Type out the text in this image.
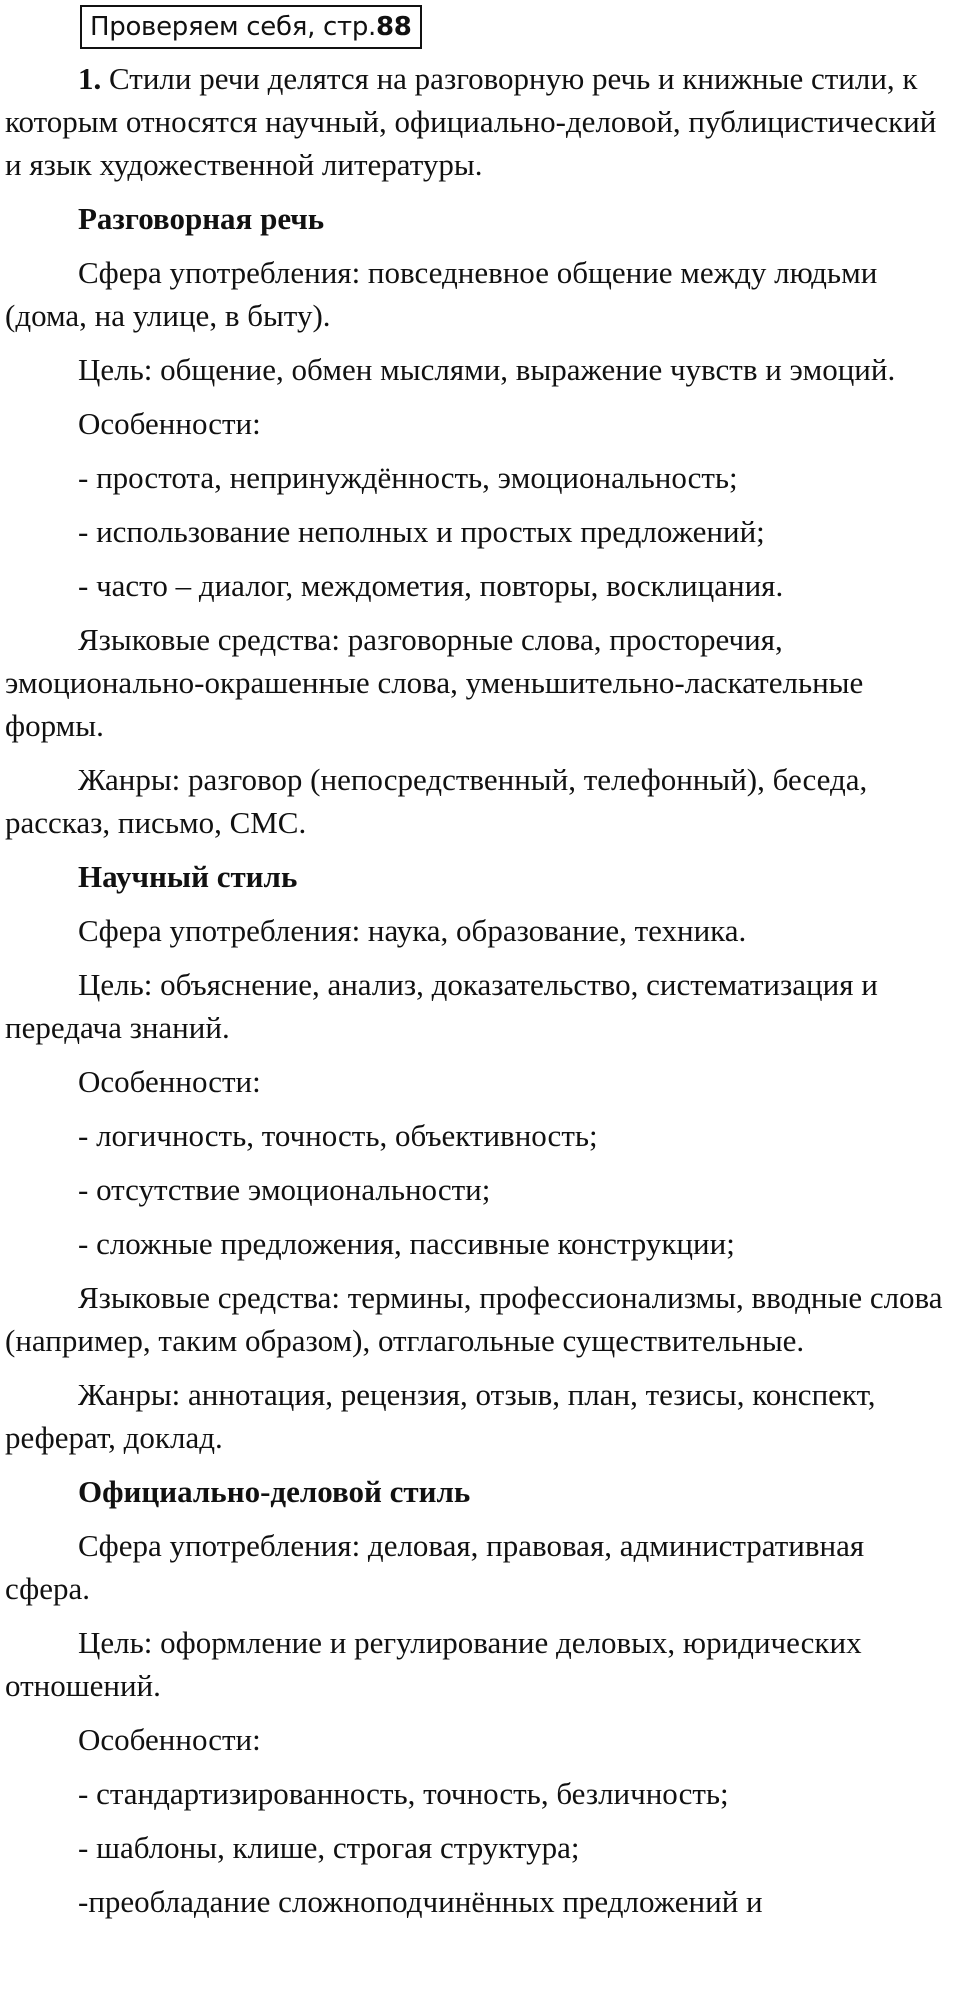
Проверяем себя, стр.88

1. Стили речи делятся на разговорную речь и книжные стили, к которым относятся научный, официально-деловой, публицистический и язык художественной литературы.

Разговорная речь

Сфера употребления: повседневное общение между людьми (дома, на улице, в быту).

Цель: общение, обмен мыслями, выражение чувств и эмоций.

Особенности:

- простота, непринуждённость, эмоциональность;

- использование неполных и простых предложений;

- часто – диалог, междометия, повторы, восклицания.

Языковые средства: разговорные слова, просторечия, эмоционально-окрашенные слова, уменьшительно-ласкательные формы.

Жанры: разговор (непосредственный, телефонный), беседа, рассказ, письмо, СМС.

Научный стиль

Сфера употребления: наука, образование, техника.

Цель: объяснение, анализ, доказательство, систематизация и передача знаний.

Особенности:

- логичность, точность, объективность;

- отсутствие эмоциональности;

- сложные предложения, пассивные конструкции;

Языковые средства: термины, профессионализмы, вводные слова (например, таким образом), отглагольные существительные.

Жанры: аннотация, рецензия, отзыв, план, тезисы, конспект, реферат, доклад.

Официально-деловой стиль

Сфера употребления: деловая, правовая, административная сфера.

Цель: оформление и регулирование деловых, юридических отношений.

Особенности:

- стандартизированность, точность, безличность;

- шаблоны, клише, строгая структура;

-преобладание сложноподчинённых предложений и
